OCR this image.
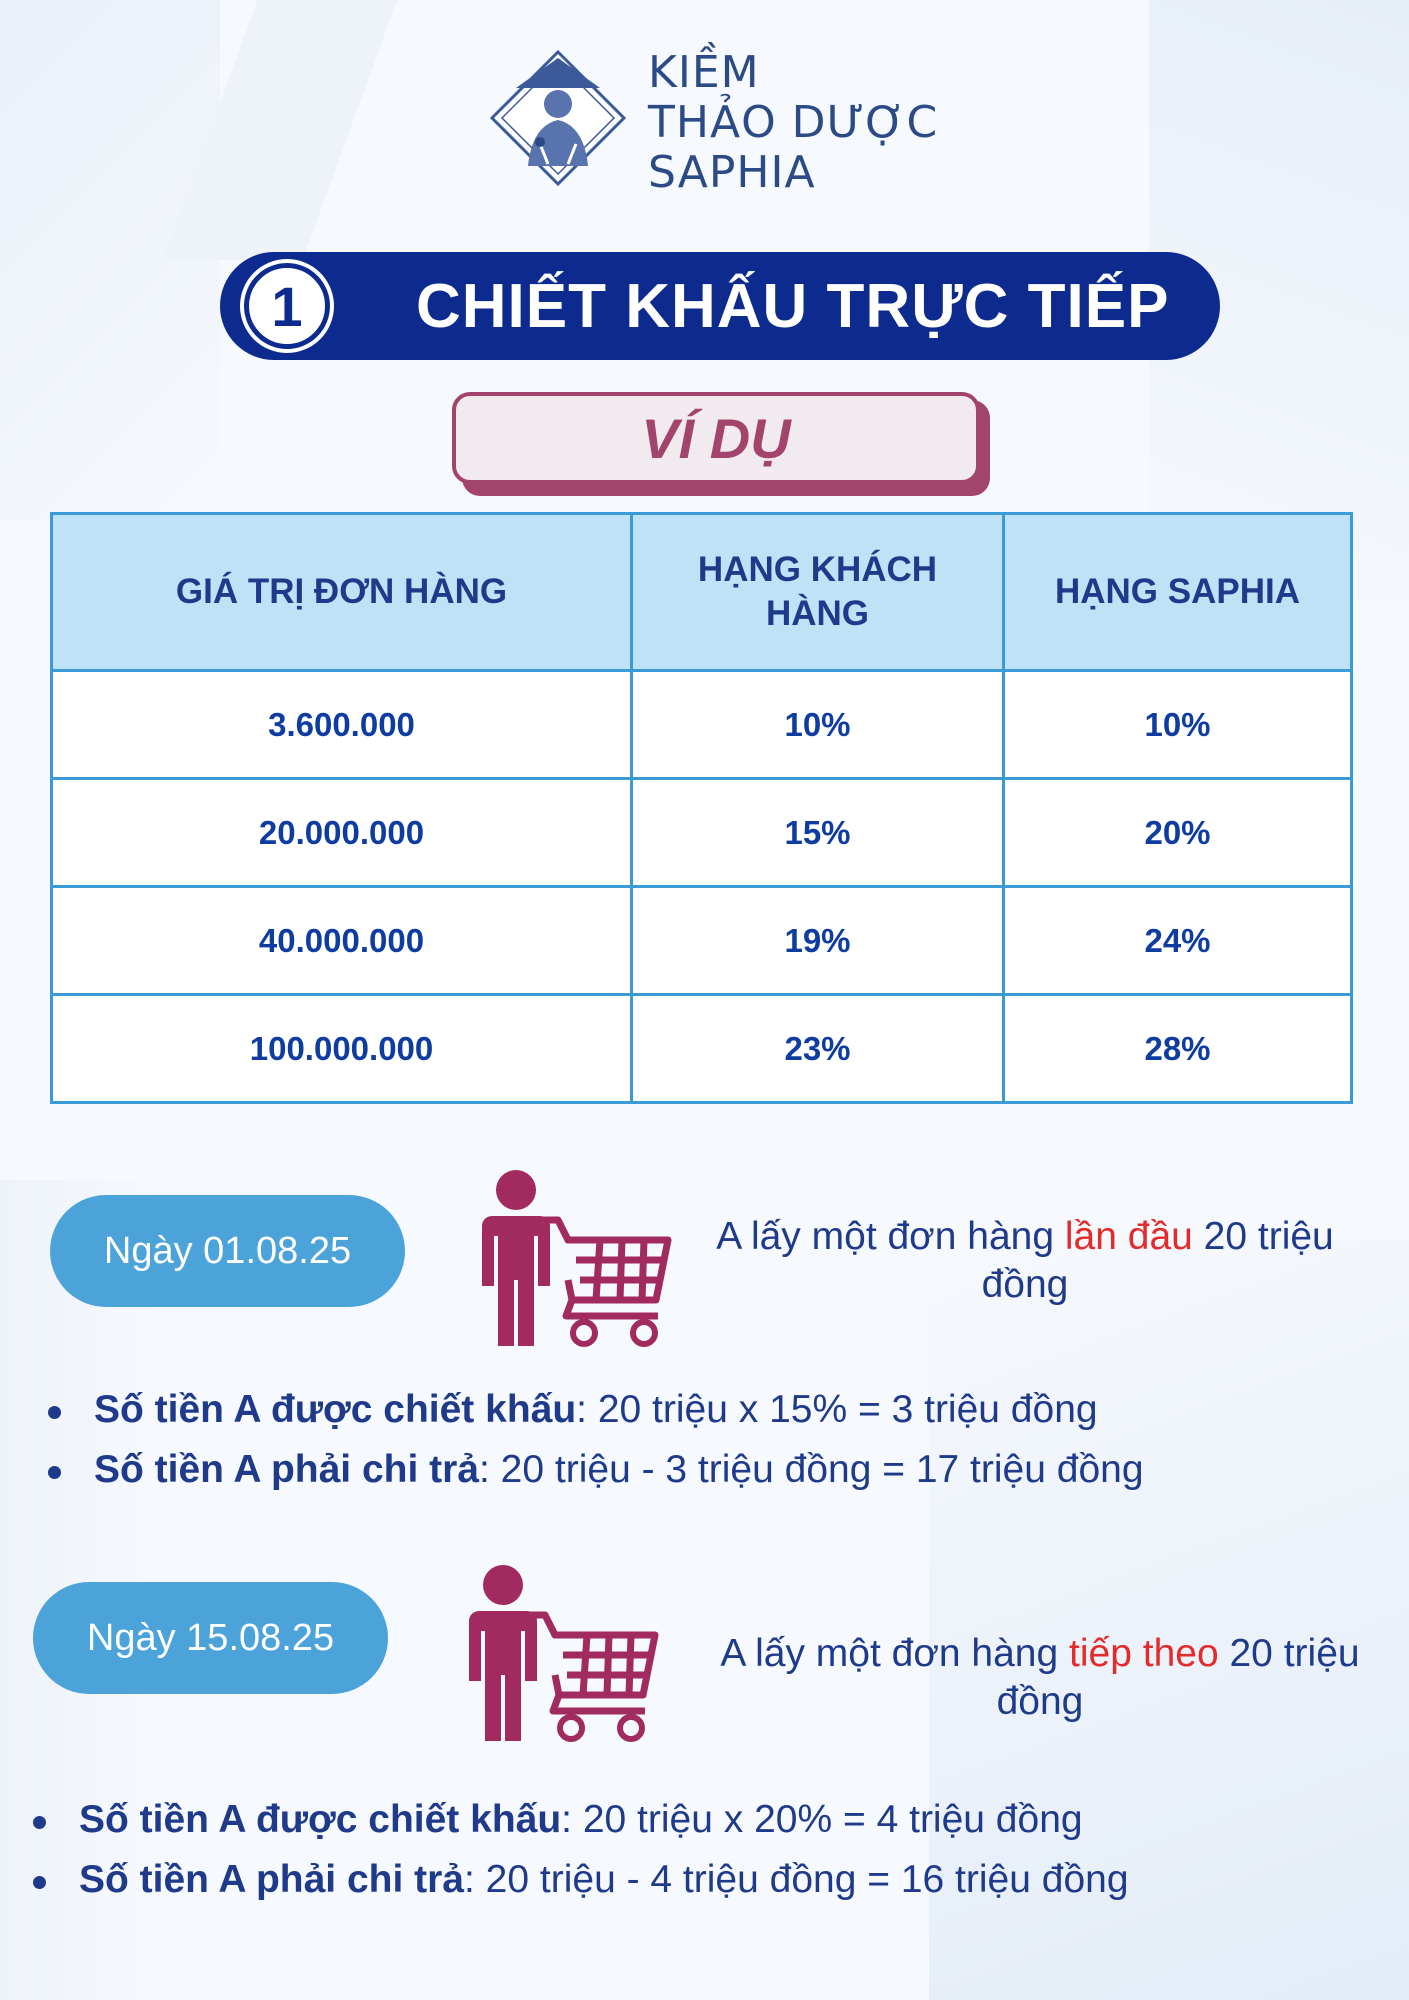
KIỀM
THẢO DƯỢC
SAPHIA
1	CHIẾT KHẤU TRỰC TIẾP
VÍ DỤ
GIÁ TRỊ ĐƠN HÀNG	HẠNG KHÁCH HÀNG	HẠNG SAPHIA
3.600.000	10%	10%
20.000.000	15%	20%
40.000.000	19%	24%
100.000.000	23%	28%
Ngày 01.08.25	A lấy một đơn hàng lần đầu 20 triệu đồng
Số tiền A được chiết khấu: 20 triệu x 15% = 3 triệu đồng
Số tiền A phải chi trả: 20 triệu - 3 triệu đồng = 17 triệu đồng
Ngày 15.08.25	A lấy một đơn hàng tiếp theo 20 triệu đồng
Số tiền A được chiết khấu: 20 triệu x 20% = 4 triệu đồng
Số tiền A phải chi trả: 20 triệu - 4 triệu đồng = 16 triệu đồng
